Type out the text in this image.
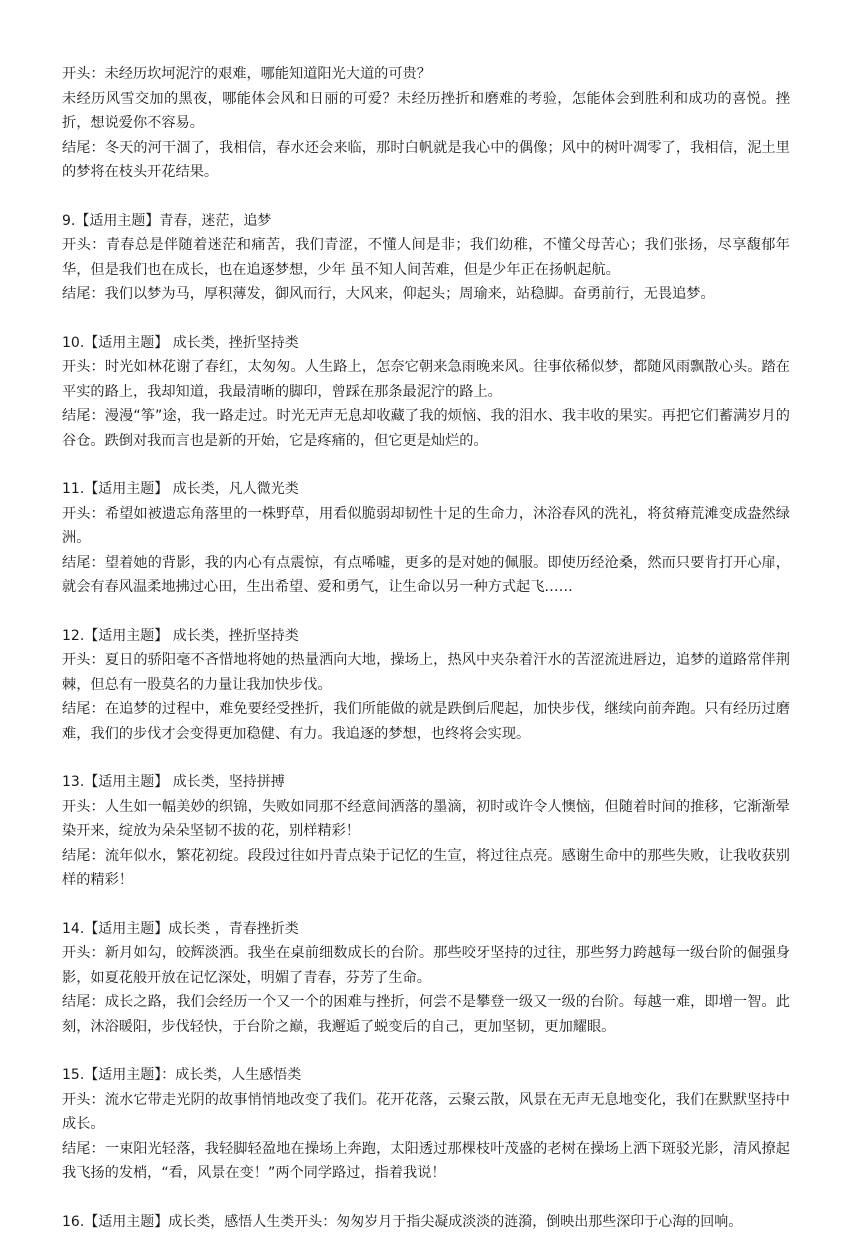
开头：未经历坎坷泥泞的艰难，哪能知道阳光大道的可贵？

未经历风雪交加的黑夜，哪能体会风和日丽的可爱？未经历挫折和磨难的考验，怎能体会到胜利和成功的喜悦。挫折，想说爱你不容易。

结尾：冬天的河干涸了，我相信，春水还会来临，那时白帆就是我心中的偶像；风中的树叶凋零了，我相信，泥土里的梦将在枝头开花结果。

9.【适用主题】青春，迷茫，追梦

开头：青春总是伴随着迷茫和痛苦，我们青涩，不懂人间是非；我们幼稚，不懂父母苦心；我们张扬，尽享馥郁年华，但是我们也在成长，也在追逐梦想，少年 虽不知人间苦难，但是少年正在扬帆起航。

结尾：我们以梦为马，厚积薄发，御风而行，大风来，仰起头；周瑜来，站稳脚。奋勇前行，无畏追梦。

10.【适用主题】 成长类，挫折坚持类

开头：时光如林花谢了春红，太匆匆。人生路上，怎奈它朝来急雨晚来风。往事依稀似梦，都随风雨飘散心头。踏在平实的路上，我却知道，我最清晰的脚印，曾踩在那条最泥泞的路上。

结尾：漫漫“筝”途，我一路走过。时光无声无息却收藏了我的烦恼、我的泪水、我丰收的果实。再把它们蓄满岁月的谷仓。跌倒对我而言也是新的开始，它是疼痛的，但它更是灿烂的。

11.【适用主题】 成长类，凡人微光类

开头：希望如被遗忘角落里的一株野草，用看似脆弱却韧性十足的生命力，沐浴春风的洗礼，将贫瘠荒滩变成盎然绿洲。

结尾：望着她的背影，我的内心有点震惊，有点唏嘘，更多的是对她的佩服。即使历经沧桑，然而只要肯打开心扉，就会有春风温柔地拂过心田，生出希望、爱和勇气，让生命以另一种方式起飞……

12.【适用主题】 成长类，挫折坚持类

开头：夏日的骄阳毫不吝惜地将她的热量洒向大地，操场上，热风中夹杂着汗水的苦涩流进唇边，追梦的道路常伴荆棘，但总有一股莫名的力量让我加快步伐。

结尾：在追梦的过程中，难免要经受挫折，我们所能做的就是跌倒后爬起，加快步伐，继续向前奔跑。只有经历过磨难，我们的步伐才会变得更加稳健、有力。我追逐的梦想，也终将会实现。

13.【适用主题】 成长类，坚持拼搏

开头：人生如一幅美妙的织锦，失败如同那不经意间洒落的墨滴，初时或许令人懊恼，但随着时间的推移，它渐渐晕染开来，绽放为朵朵坚韧不拔的花，别样精彩！

结尾：流年似水，繁花初绽。段段过往如丹青点染于记忆的生宣，将过往点亮。感谢生命中的那些失败，让我收获别样的精彩！

14.【适用主题】成长类 ，青春挫折类

开头：新月如勾，皎辉淡洒。我坐在桌前细数成长的台阶。那些咬牙坚持的过往，那些努力跨越每一级台阶的倔强身影，如夏花般开放在记忆深处，明媚了青春，芬芳了生命。

结尾：成长之路，我们会经历一个又一个的困难与挫折，何尝不是攀登一级又一级的台阶。每越一难，即增一智。此刻，沐浴暖阳，步伐轻快，于台阶之巅，我邂逅了蜕变后的自己，更加坚韧，更加耀眼。

15.【适用主题】：成长类，人生感悟类

开头：流水它带走光阴的故事悄悄地改变了我们。花开花落，云聚云散，风景在无声无息地变化，我们在默默坚持中成长。

结尾：一束阳光轻落，我轻脚轻盈地在操场上奔跑，太阳透过那棵枝叶茂盛的老树在操场上洒下斑驳光影，清风撩起我飞扬的发梢，“看，风景在变！”两个同学路过，指着我说！

16.【适用主题】成长类，感悟人生类开头：匆匆岁月于指尖凝成淡淡的涟漪，倒映出那些深印于心海的回响。
